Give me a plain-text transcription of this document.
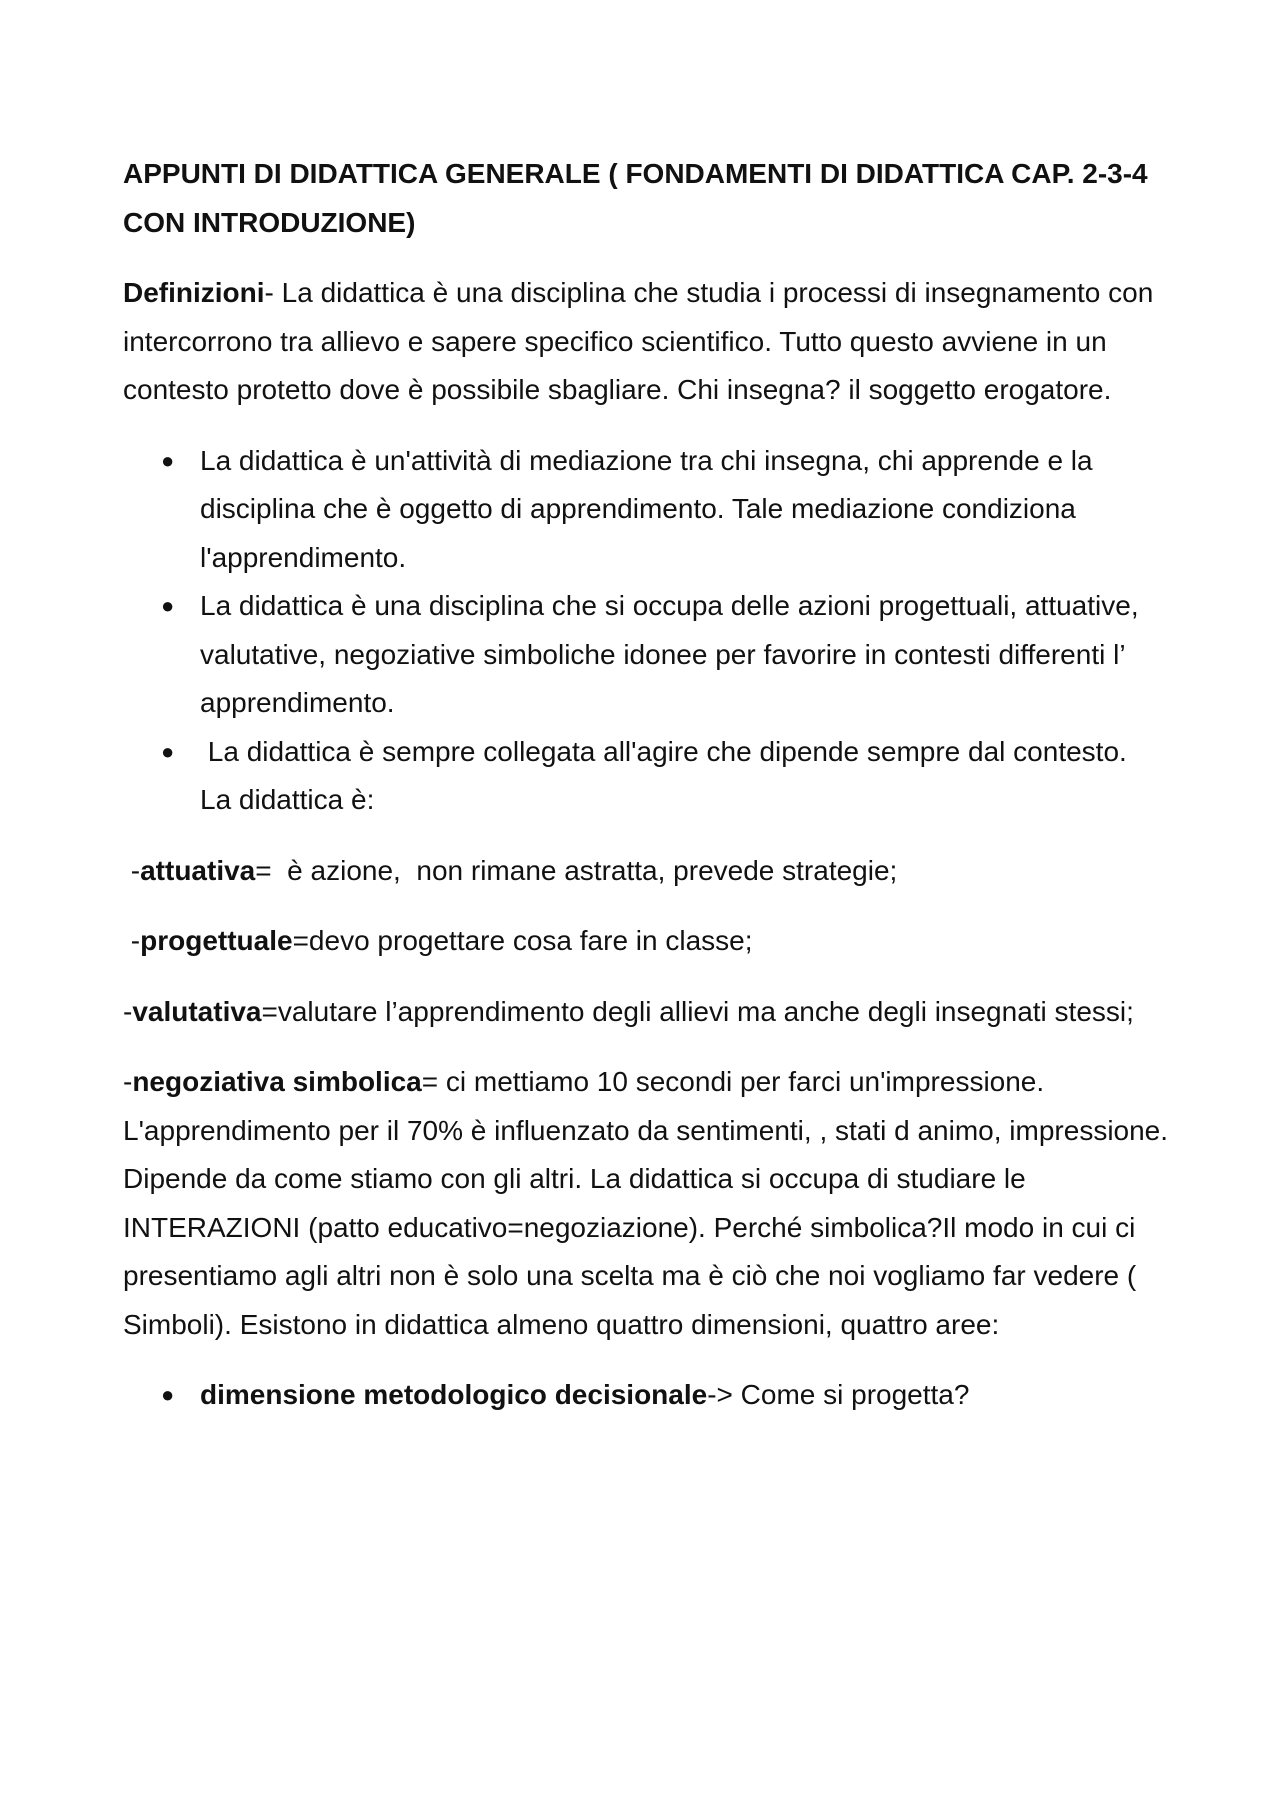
APPUNTI DI DIDATTICA GENERALE ( FONDAMENTI DI DIDATTICA CAP. 2-3-4 CON INTRODUZIONE)

Definizioni- La didattica è una disciplina che studia i processi di insegnamento con intercorrono tra allievo e sapere specifico scientifico. Tutto questo avviene in un contesto protetto dove è possibile sbagliare. Chi insegna? il soggetto erogatore.

● La didattica è un'attività di mediazione tra chi insegna, chi apprende e la disciplina che è oggetto di apprendimento. Tale mediazione condiziona l'apprendimento.
● La didattica è una disciplina che si occupa delle azioni progettuali, attuative, valutative, negoziative simboliche idonee per favorire in contesti differenti l’ apprendimento.
● La didattica è sempre collegata all'agire che dipende sempre dal contesto.  La didattica è:

-attuativa=  è azione,  non rimane astratta, prevede strategie;

-progettuale=devo progettare cosa fare in classe;

-valutativa=valutare l’apprendimento degli allievi ma anche degli insegnati stessi;

-negoziativa simbolica= ci mettiamo 10 secondi per farci un'impressione. L'apprendimento per il 70% è influenzato da sentimenti, , stati d animo, impressione. Dipende da come stiamo con gli altri. La didattica si occupa di studiare le INTERAZIONI (patto educativo=negoziazione). Perché simbolica?Il modo in cui ci presentiamo agli altri non è solo una scelta ma è ciò che noi vogliamo far vedere ( Simboli). Esistono in didattica almeno quattro dimensioni, quattro aree:

● dimensione metodologico decisionale-> Come si progetta?
